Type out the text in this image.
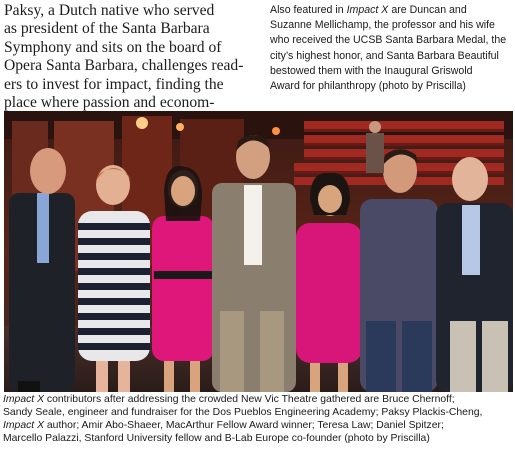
Paksy, a Dutch native who served
as president of the Santa Barbara
Symphony and sits on the board of
Opera Santa Barbara, challenges read-
ers to invest for impact, finding the
place where passion and econom-
Also featured in Impact X are Duncan and
Suzanne Mellichamp, the professor and his wife
who received the UCSB Santa Barbara Medal, the
city’s highest honor, and Santa Barbara Beautiful
bestowed them with the Inaugural Griswold
Award for philanthropy (photo by Priscilla)
Impact X contributors after addressing the crowded New Vic Theatre gathered are Bruce Chernoff;
Sandy Seale, engineer and fundraiser for the Dos Pueblos Engineering Academy; Paksy Plackis-Cheng,
Impact X author; Amir Abo-Shaeer, MacArthur Fellow Award winner; Teresa Law; Daniel Spitzer;
Marcello Palazzi, Stanford University fellow and B-Lab Europe co-founder (photo by Priscilla)
